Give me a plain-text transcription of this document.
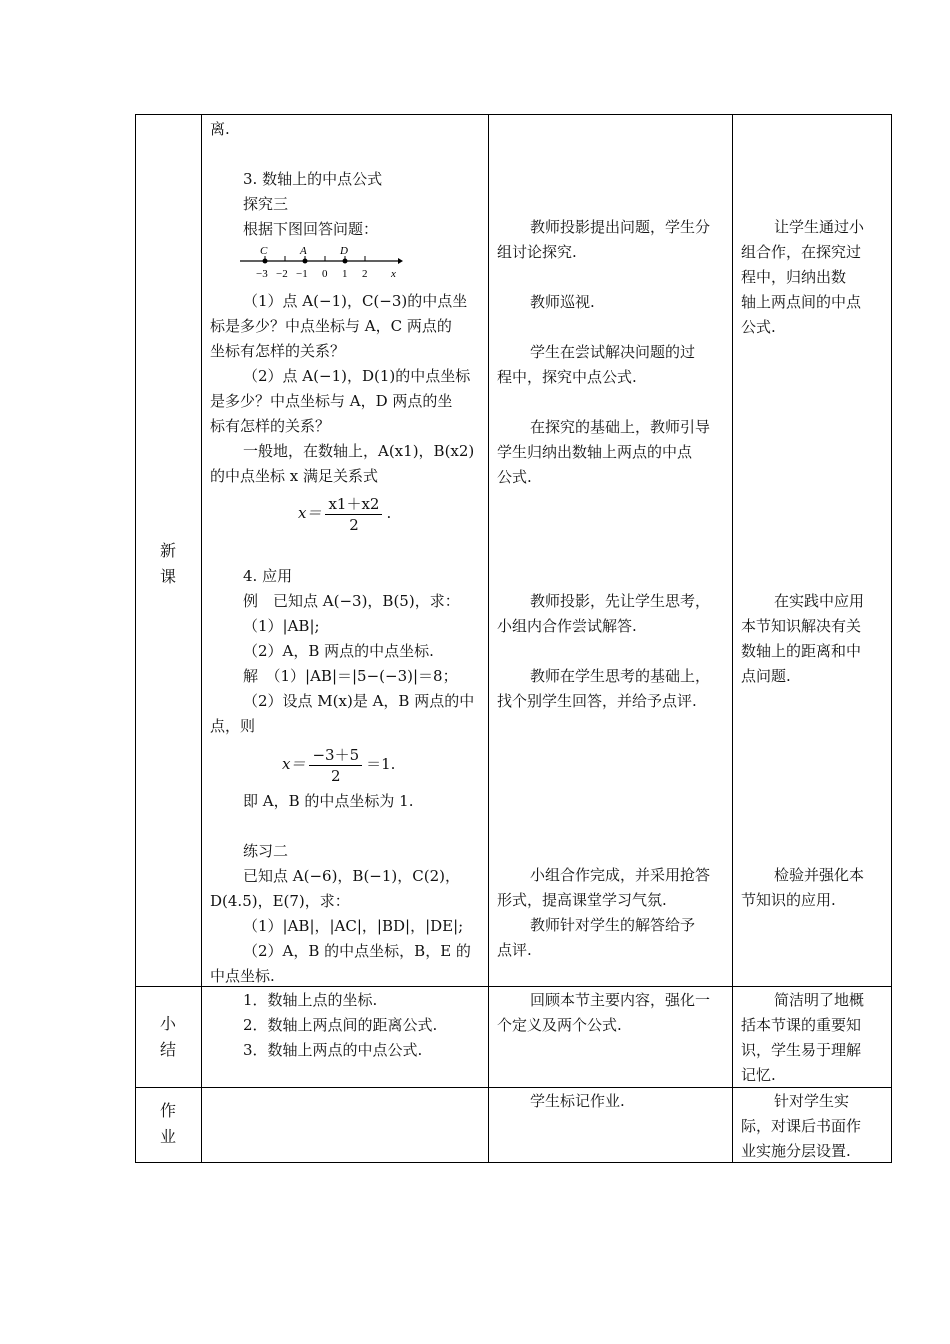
新
课
小
结
作
业
离.
3. 数轴上的中点公式
探究三
根据下图回答问题：
C	A	D
−3 −2 −1 0 1 2 x
（1）点 A(−1)，C(−3)的中点坐
标是多少？中点坐标与 A，C 两点的
坐标有怎样的关系？
（2）点 A(−1)，D(1)的中点坐标
是多少？中点坐标与 A，D 两点的坐
标有怎样的关系？
一般地，在数轴上，A(x1)，B(x2)
的中点坐标 x 满足关系式
$x= \frac{x1+x2}{2}$ .
4. 应用
例　已知点 A(−3)，B(5)，求：
（1）|AB|;
（2）A，B 两点的中点坐标.
解　（1）|AB|＝|5−(−3)|＝8；
（2）设点 M(x)是 A，B 两点的中
点，则
$x= \frac{-3+5}{2} =1$.
即 A，B 的中点坐标为 1.
练习二
已知点 A(−6)，B(−1)，C(2)，
D(4.5)，E(7)，求：
（1）|AB|，|AC|，|BD|，|DE|;
（2）A，B 的中点坐标，B，E 的
中点坐标.
1．数轴上点的坐标.
2．数轴上两点间的距离公式.
3．数轴上两点的中点公式.
教师投影提出问题，学生分
组讨论探究.
教师巡视.
学生在尝试解决问题的过
程中，探究中点公式.
在探究的基础上，教师引导
学生归纳出数轴上两点的中点
公式.
教师投影，先让学生思考，
小组内合作尝试解答.
教师在学生思考的基础上，
找个别学生回答，并给予点评.
小组合作完成，并采用抢答
形式，提高课堂学习气氛.
教师针对学生的解答给予
点评.
回顾本节主要内容，强化一
个定义及两个公式.
学生标记作业.
让学生通过小
组合作，在探究过
程中，归纳出数
轴上两点间的中点
公式.
在实践中应用
本节知识解决有关
数轴上的距离和中
点问题.
检验并强化本
节知识的应用.
简洁明了地概
括本节课的重要知
识，学生易于理解
记忆.
针对学生实
际，对课后书面作
业实施分层设置.
